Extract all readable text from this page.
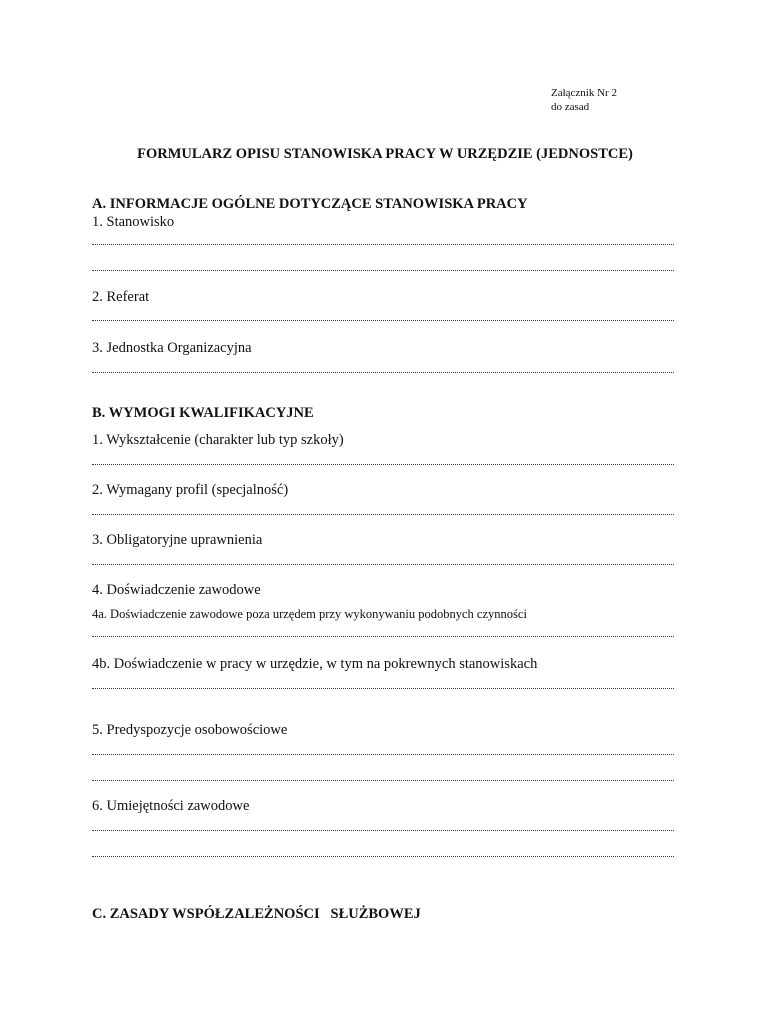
Załącznik Nr 2
do zasad
FORMULARZ OPISU STANOWISKA PRACY W URZĘDZIE (JEDNOSTCE)
A. INFORMACJE OGÓLNE DOTYCZĄCE STANOWISKA PRACY
1. Stanowisko
2. Referat
3. Jednostka Organizacyjna
B. WYMOGI KWALIFIKACYJNE
1. Wykształcenie (charakter lub typ szkoły)
2. Wymagany profil (specjalność)
3. Obligatoryjne uprawnienia
4. Doświadczenie zawodowe
4a. Doświadczenie zawodowe poza urzędem przy wykonywaniu podobnych czynności
4b. Doświadczenie w pracy w urzędzie, w tym na pokrewnych stanowiskach
5. Predyspozycje osobowościowe
6. Umiejętności zawodowe
C. ZASADY WSPÓŁZALEŻNOŚCI   SŁUŻBOWEJ
